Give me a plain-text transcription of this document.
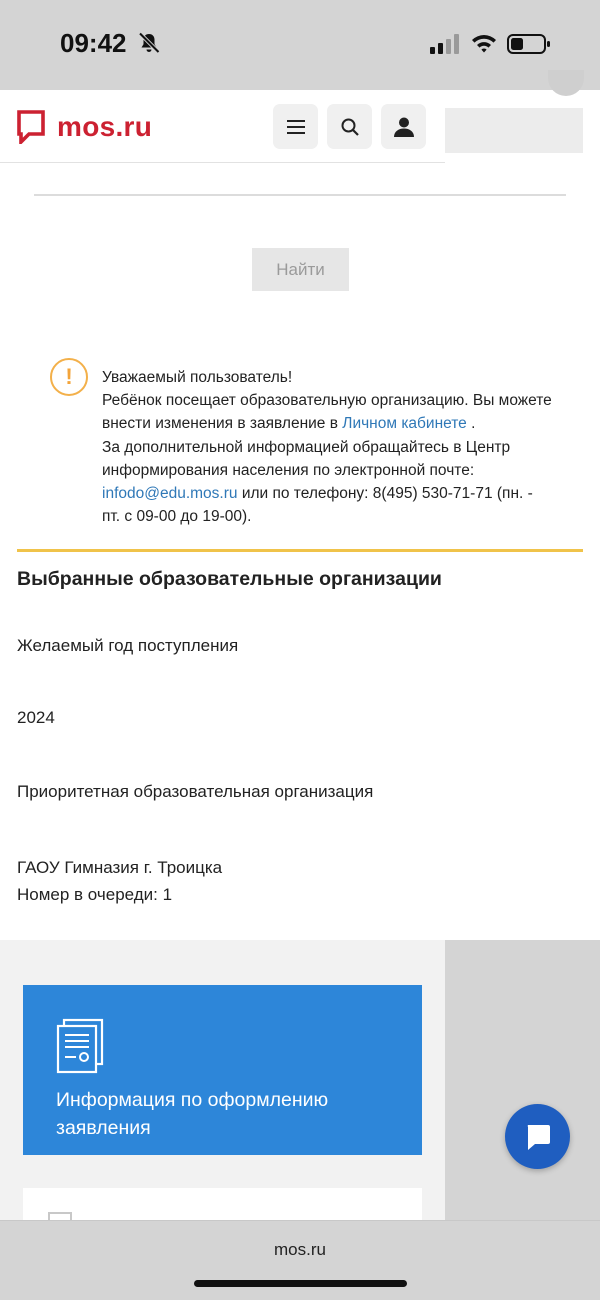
09:42
mos.ru
Найти
!	Уважаемый пользователь!

Ребёнок посещает образовательную организацию. Вы можете внести изменения в заявление в Личном кабинете .

За дополнительной информацией обращайтесь в Центр информирования населения по электронной почте: infodo@edu.mos.ru или по телефону: 8(495) 530-71-71 (пн. - пт. с 09-00 до 19-00).

Выбранные образовательные организации
Желаемый год поступления
2024
Приоритетная образовательная организация
ГАОУ Гимназия г. Троицка
Номер в очереди: 1
Информация по оформлению заявления
mos.ru
